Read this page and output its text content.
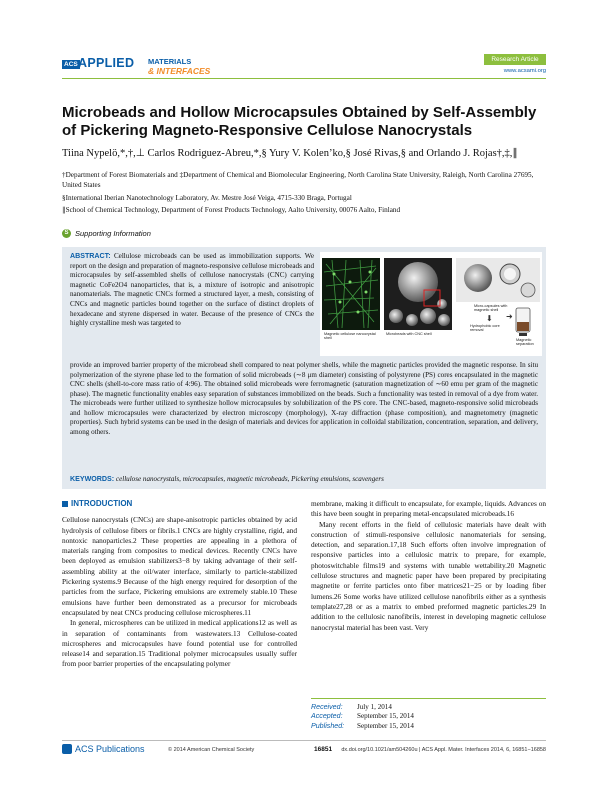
ACS APPLIED MATERIALS
& INTERFACES
Research Article
www.acsami.org
Microbeads and Hollow Microcapsules Obtained by Self-Assembly of Pickering Magneto-Responsive Cellulose Nanocrystals
Tiina Nypelö,*,†,⊥ Carlos Rodriguez-Abreu,*,§ Yury V. Kolen’ko,§ José Rivas,§ and Orlando J. Rojas†,‡,∥
†Department of Forest Biomaterials and ‡Department of Chemical and Biomolecular Engineering, North Carolina State University, Raleigh, North Carolina 27695, United States
§International Iberian Nanotechnology Laboratory, Av. Mestre José Veiga, 4715-330 Braga, Portugal
∥School of Chemical Technology, Department of Forest Products Technology, Aalto University, 00076 Aalto, Finland
S Supporting Information
ABSTRACT: Cellulose microbeads can be used as immobilization supports. We report on the design and preparation of magneto-responsive cellulose microbeads and microcapsules by self-assembled shells of cellulose nanocrystals (CNC) carrying magnetic CoFe2O4 nanoparticles, that is, a mixture of isotropic and anisotropic nanomaterials. The magnetic CNCs formed a structured layer, a mesh, consisting of CNCs and magnetic particles bound together on the surface of distinct droplets of hexadecane and styrene dispersed in water. Because of the presence of CNCs the highly crystalline mesh was targeted to
Magnetic cellulose nanocrystal shell
Microbeads with CNC shell
Micro-capsules with magnetic shell
Magnetic separation
Hydrophobic core removal
⬇ ➜
provide an improved barrier property of the microbead shell compared to neat polymer shells, while the magnetic particles provided the magnetic response. In situ polymerization of the styrene phase led to the formation of solid microbeads (∼8 μm diameter) consisting of polystyrene (PS) cores encapsulated in the magnetic CNC shells (shell-to-core mass ratio of 4:96). The obtained solid microbeads were ferromagnetic (saturation magnetization of ∼60 emu per gram of the magnetic phase). The magnetic functionality enables easy separation of substances immobilized on the beads. Such a functionality was tested in removal of a dye from water. The microbeads were further utilized to synthesize hollow microcapsules by solubilization of the PS core. The CNC-based, magneto-responsive solid microbeads and hollow microcapsules were characterized by electron microscopy (morphology), X-ray diffraction (phase composition), and magnetometry (magnetic properties). Such hybrid systems can be used in the design of materials and devices for application in colloidal stabilization, concentration, separation, and delivery, among others.
KEYWORDS: cellulose nanocrystals, microcapsules, magnetic microbeads, Pickering emulsions, scavengers
INTRODUCTION

Cellulose nanocrystals (CNCs) are shape-anisotropic particles obtained by acid hydrolysis of cellulose fibers or fibrils.1 CNCs are highly crystalline, rigid, and nontoxic nanoparticles.2 These properties are appealing in a plethora of materials ranging from composites to medical devices. Recently CNCs have been deployed as emulsion stabilizers3−8 by taking advantage of their self-assembling ability at the oil/water interface, similarly to particle-stabilized Pickering systems.9 Because of the high energy required for desorption of the particles from the surface, Pickering emulsions are extremely stable.10 These emulsions have further been demonstrated as a precursor for microbeads encapsulated by neat CNCs producing cellulose microspheres.11

In general, microspheres can be utilized in medical applications12 as well as in separation of contaminants from wastewaters.13 Cellulose-coated microspheres and microcapsules have found potential use for controlled release14 and separation.15 Traditional polymer microcapsules usually suffer from poor barrier properties of the encapsulating polymer

membrane, making it difficult to encapsulate, for example, liquids. Advances on this have been sought in preparing metal-encapsulated microbeads.16

Many recent efforts in the field of cellulosic materials have dealt with construction of stimuli-responsive cellulosic nanomaterials for sensing, detection, and separation.17,18 Such efforts often involve impregnation of responsive particles into a cellulosic matrix to prepare, for example, photoswitchable films19 and systems with tunable wettability.20 Magnetic cellulose structures and magnetic paper have been prepared by precipitating magnetite or ferrite particles onto fiber matrices21−25 or by loading fiber lumens.26 Some works have utilized cellulose nanofibrils either as a synthesis template27,28 or as a matrix to embed preformed magnetic particles.29 In addition to the cellulosic nanofibrils, interest in developing magnetic cellulose nanocrystal material has been vast. Very

Received: July 1, 2014
Accepted: September 15, 2014
Published: September 15, 2014
ACS Publications	© 2014 American Chemical Society	16851 dx.doi.org/10.1021/am504260u | ACS Appl. Mater. Interfaces 2014, 6, 16851−16858
